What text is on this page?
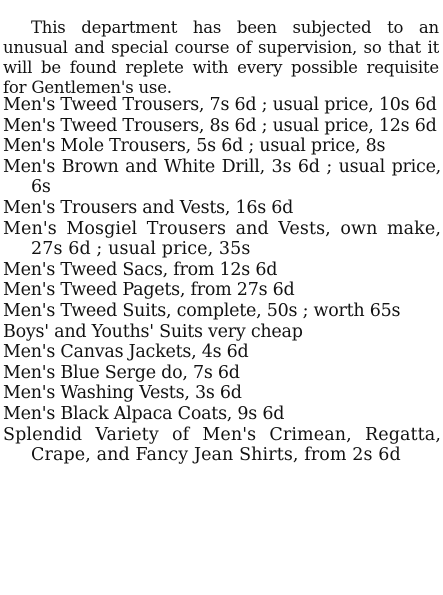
This department has been subjected to an unusual and special course of supervision, so that it will be found replete with every possible requisite for Gentlemen's use.

Men's Tweed Trousers, 7s 6d ; usual price, 10s 6d
Men's Tweed Trousers, 8s 6d ; usual price, 12s 6d
Men's Mole Trousers, 5s 6d ; usual price, 8s
Men's Brown and White Drill, 3s 6d ; usual price, 6s
Men's Trousers and Vests, 16s 6d
Men's Mosgiel Trousers and Vests, own make, 27s 6d ; usual price, 35s
Men's Tweed Sacs, from 12s 6d
Men's Tweed Pagets, from 27s 6d
Men's Tweed Suits, complete, 50s ; worth 65s
Boys' and Youths' Suits very cheap
Men's Canvas Jackets, 4s 6d
Men's Blue Serge do, 7s 6d
Men's Washing Vests, 3s 6d
Men's Black Alpaca Coats, 9s 6d
Splendid Variety of Men's Crimean, Regatta, Crape, and Fancy Jean Shirts, from 2s 6d
